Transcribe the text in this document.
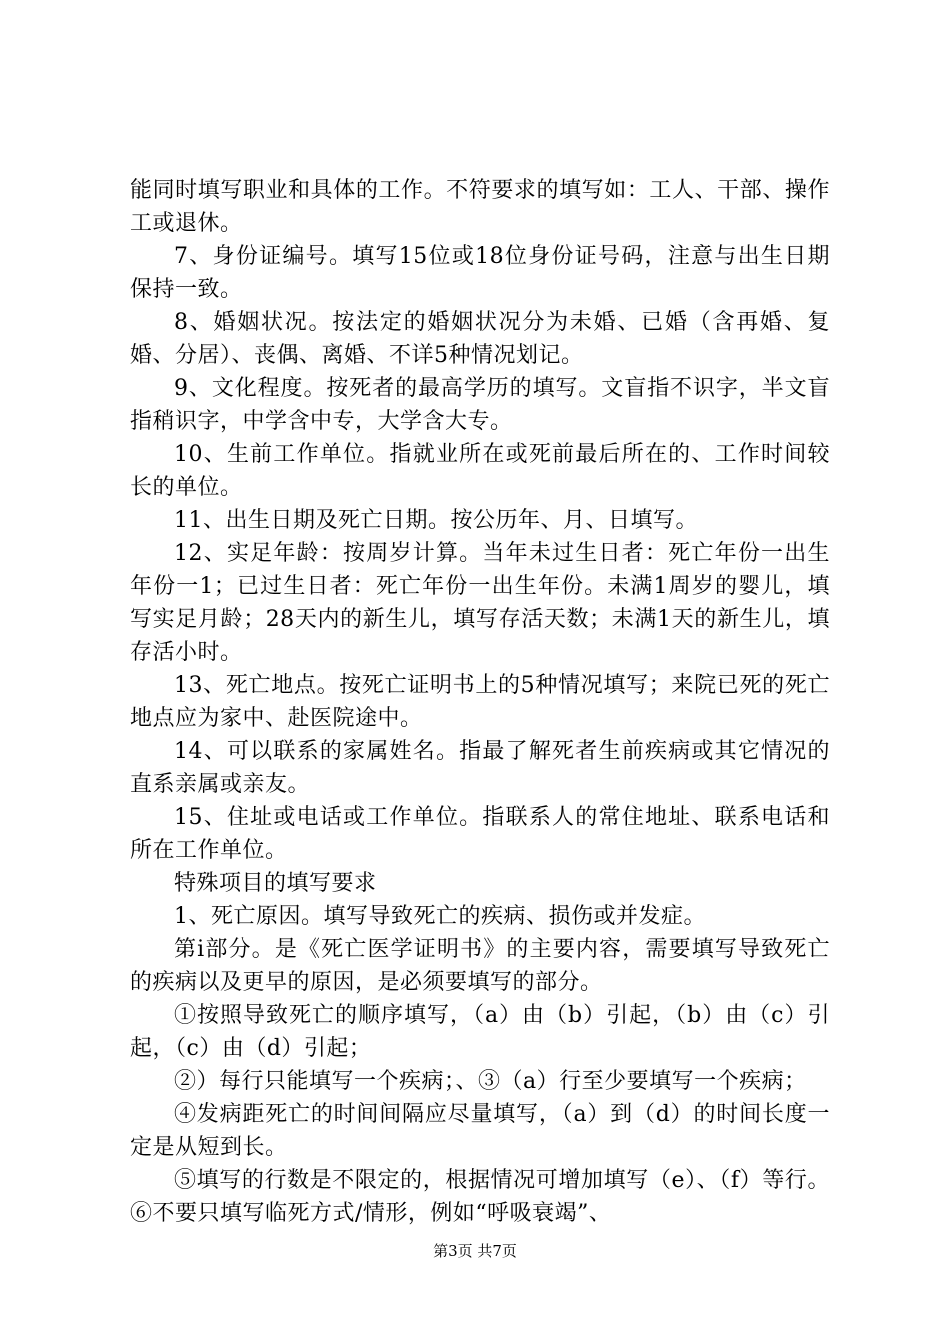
能同时填写职业和具体的工作。不符要求的填写如：工人、干部、操作工或退休。

7、身份证编号。填写15位或18位身份证号码，注意与出生日期保持一致。

8、婚姻状况。按法定的婚姻状况分为未婚、已婚（含再婚、复婚、分居）、丧偶、离婚、不详5种情况划记。

9、文化程度。按死者的最高学历的填写。文盲指不识字，半文盲指稍识字，中学含中专，大学含大专。

10、生前工作单位。指就业所在或死前最后所在的、工作时间较长的单位。

11、出生日期及死亡日期。按公历年、月、日填写。

12、实足年龄：按周岁计算。当年未过生日者：死亡年份一出生年份一1；已过生日者：死亡年份一出生年份。未满1周岁的婴儿，填写实足月龄；28天内的新生儿，填写存活天数；未满1天的新生儿，填存活小时。

13、死亡地点。按死亡证明书上的5种情况填写；来院已死的死亡地点应为家中、赴医院途中。

14、可以联系的家属姓名。指最了解死者生前疾病或其它情况的直系亲属或亲友。

15、住址或电话或工作单位。指联系人的常住地址、联系电话和所在工作单位。

特殊项目的填写要求

1、死亡原因。填写导致死亡的疾病、损伤或并发症。

第ⅰ部分。是《死亡医学证明书》的主要内容，需要填写导致死亡的疾病以及更早的原因，是必须要填写的部分。

①按照导致死亡的顺序填写，（a）由（b）引起，（b）由（c）引起，（c）由（d）引起；

②）每行只能填写一个疾病；、③（a）行至少要填写一个疾病；

④发病距死亡的时间间隔应尽量填写，（a）到（d）的时间长度一定是从短到长。

⑤填写的行数是不限定的，根据情况可增加填写（e）、（f）等行。⑥不要只填写临死方式/情形，例如“呼吸衰竭”、

第3页 共7页
